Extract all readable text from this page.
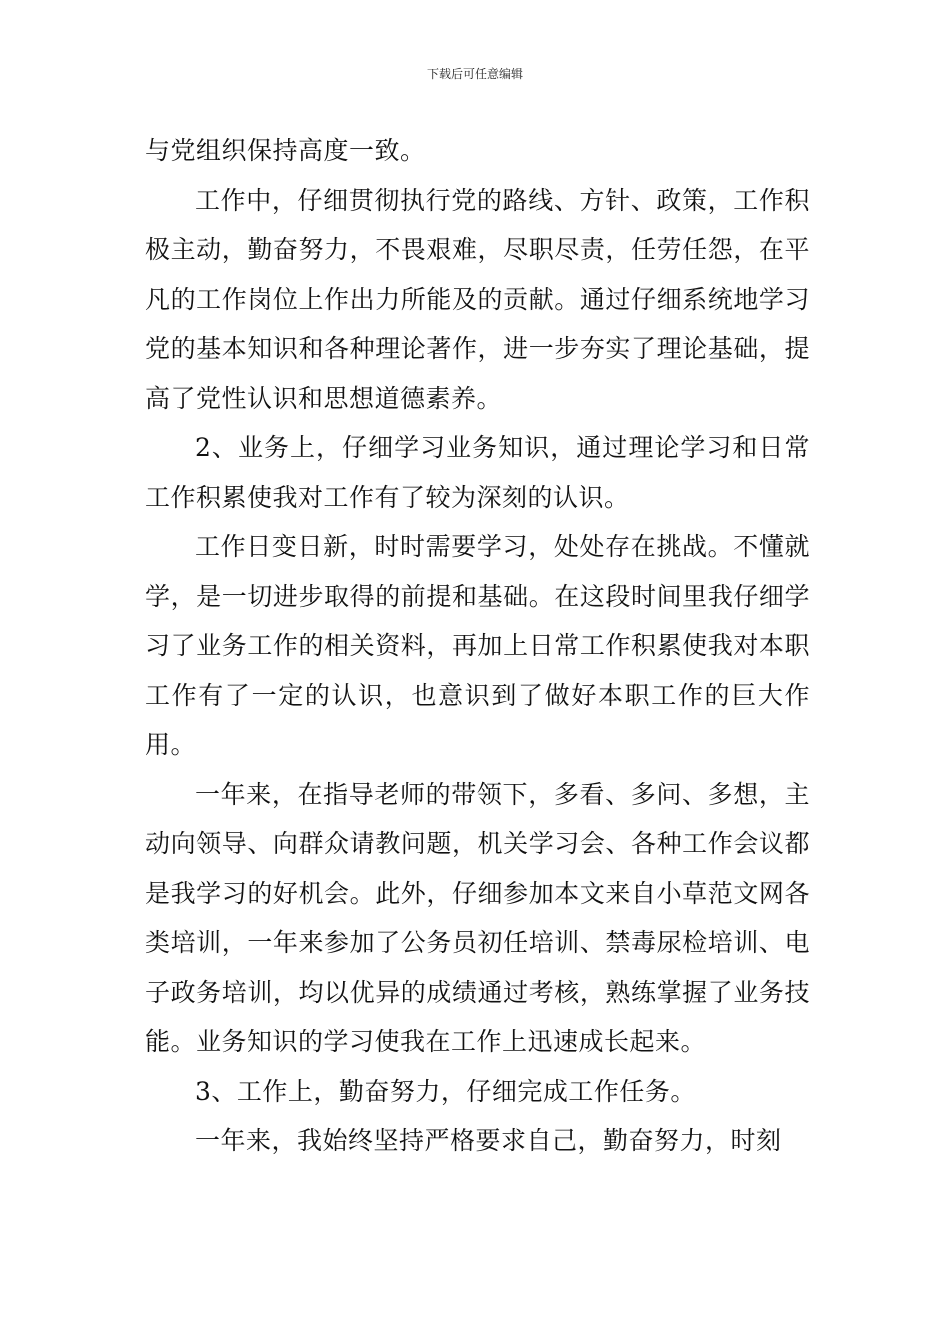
下载后可任意编辑

与党组织保持高度一致。

工作中，仔细贯彻执行党的路线、方针、政策，工作积极主动，勤奋努力，不畏艰难，尽职尽责，任劳任怨，在平凡的工作岗位上作出力所能及的贡献。通过仔细系统地学习党的基本知识和各种理论著作，进一步夯实了理论基础，提高了党性认识和思想道德素养。

2、业务上，仔细学习业务知识，通过理论学习和日常工作积累使我对工作有了较为深刻的认识。

工作日变日新，时时需要学习，处处存在挑战。不懂就学，是一切进步取得的前提和基础。在这段时间里我仔细学习了业务工作的相关资料，再加上日常工作积累使我对本职工作有了一定的认识，也意识到了做好本职工作的巨大作用。

一年来，在指导老师的带领下，多看、多问、多想，主动向领导、向群众请教问题，机关学习会、各种工作会议都是我学习的好机会。此外，仔细参加本文来自小草范文网各类培训，一年来参加了公务员初任培训、禁毒尿检培训、电子政务培训，均以优异的成绩通过考核，熟练掌握了业务技能。业务知识的学习使我在工作上迅速成长起来。

3、工作上，勤奋努力，仔细完成工作任务。

一年来，我始终坚持严格要求自己，勤奋努力，时刻
